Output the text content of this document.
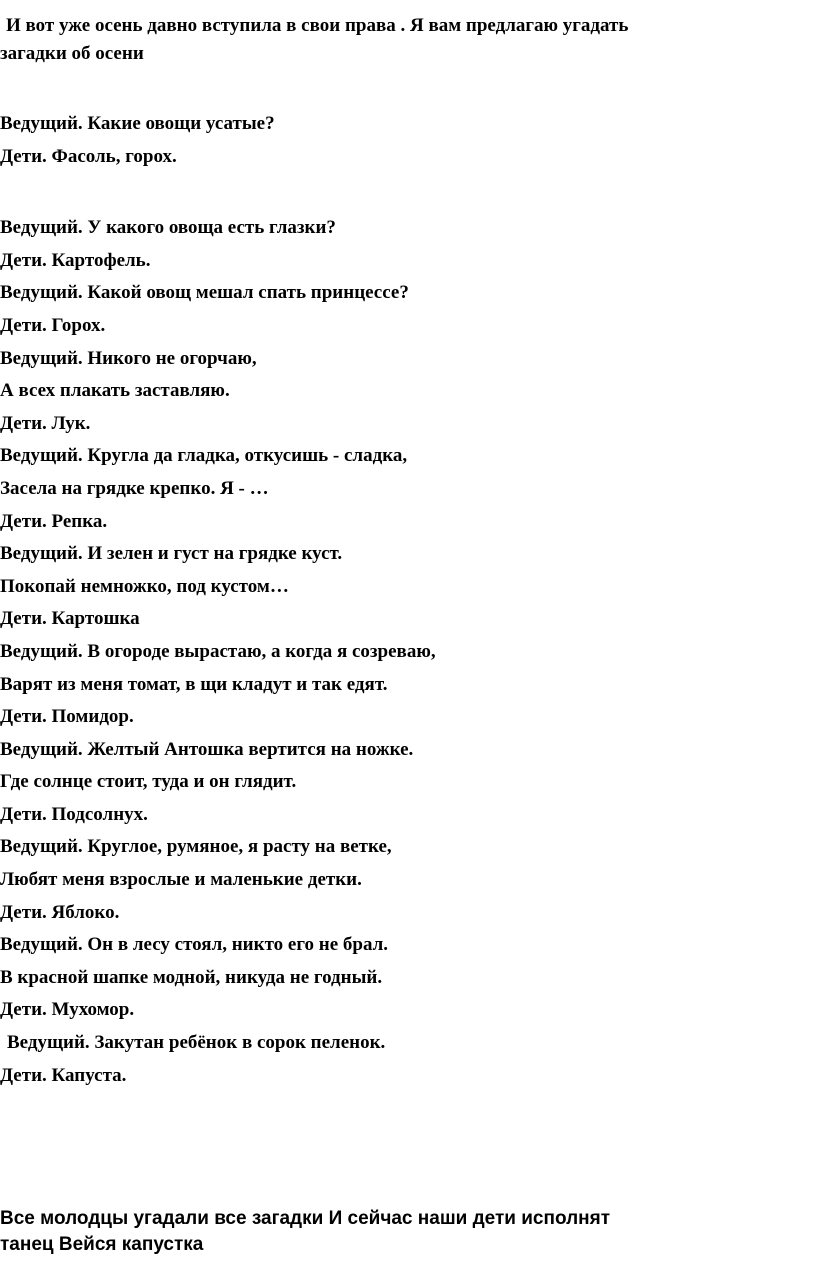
И вот уже осень давно вступила в свои права . Я вам предлагаю угадать
загадки об осени
Ведущий. Какие овощи усатые?
Дети. Фасоль, горох.
Ведущий. У какого овоща есть глазки?
Дети. Картофель.
Ведущий. Какой овощ мешал спать принцессе?
Дети. Горох.
Ведущий. Никого не огорчаю,
А всех плакать заставляю.
Дети. Лук.
Ведущий. Кругла да гладка, откусишь - сладка,
Засела на грядке крепко. Я - …
Дети. Репка.
Ведущий. И зелен и густ на грядке куст.
Покопай немножко, под кустом…
Дети. Картошка
Ведущий. В огороде вырастаю, а когда я созреваю,
Варят из меня томат, в щи кладут и так едят.
Дети. Помидор.
Ведущий. Желтый Антошка вертится на ножке.
Где солнце стоит, туда и он глядит.
Дети. Подсолнух.
Ведущий. Круглое, румяное, я расту на ветке,
Любят меня взрослые и маленькие детки.
Дети. Яблоко.
Ведущий. Он в лесу стоял, никто его не брал.
В красной шапке модной, никуда не годный.
Дети. Мухомор.
Ведущий. Закутан ребёнок в сорок пеленок.
Дети. Капуста.
Все молодцы угадали все загадки И сейчас наши дети исполнят
танец Вейся капустка
